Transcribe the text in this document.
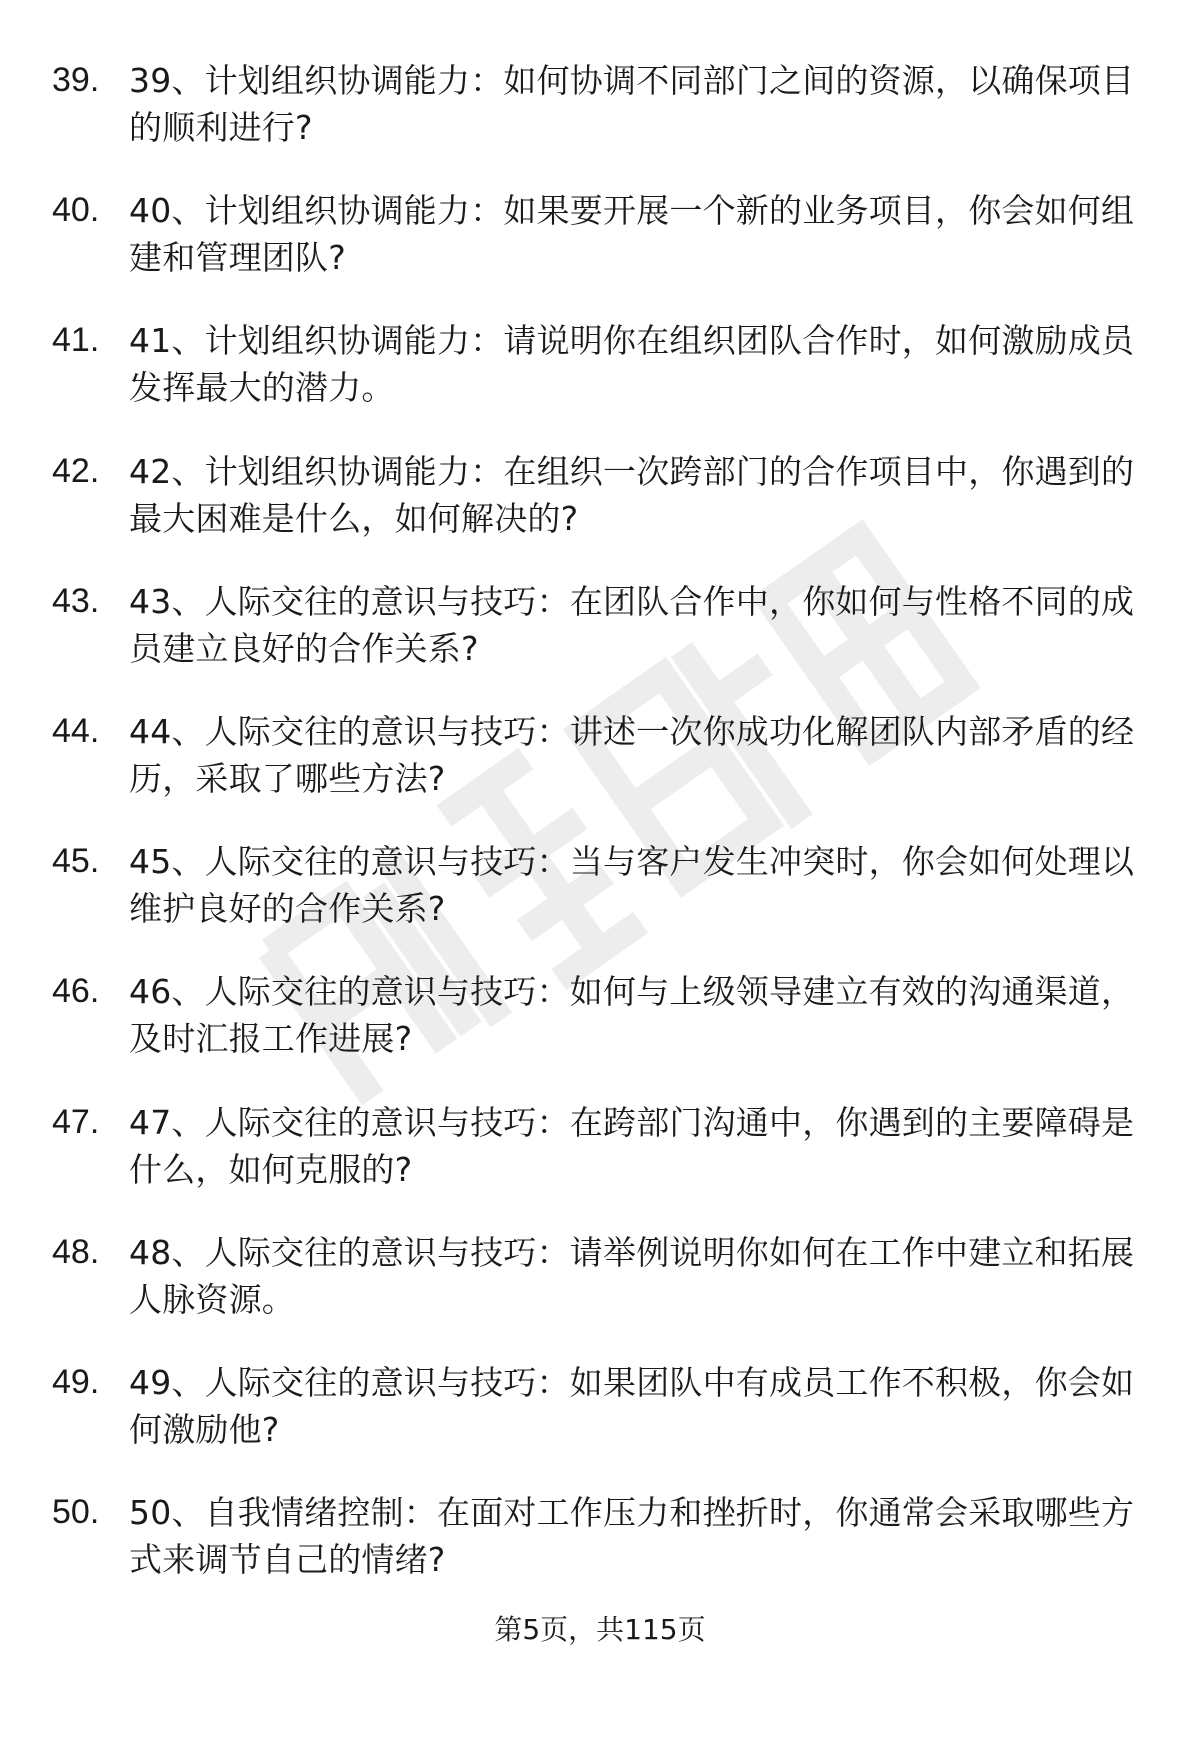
39. 39、计划组织协调能力：如何协调不同部门之间的资源，以确保项目的顺利进行?
40. 40、计划组织协调能力：如果要开展一个新的业务项目，你会如何组建和管理团队?
41. 41、计划组织协调能力：请说明你在组织团队合作时，如何激励成员发挥最大的潜力。
42. 42、计划组织协调能力：在组织一次跨部门的合作项目中，你遇到的最大困难是什么，如何解决的?
43. 43、人际交往的意识与技巧：在团队合作中，你如何与性格不同的成员建立良好的合作关系?
44. 44、人际交往的意识与技巧：讲述一次你成功化解团队内部矛盾的经历，采取了哪些方法?
45. 45、人际交往的意识与技巧：当与客户发生冲突时，你会如何处理以维护良好的合作关系?
46. 46、人际交往的意识与技巧：如何与上级领导建立有效的沟通渠道，及时汇报工作进展?
47. 47、人际交往的意识与技巧：在跨部门沟通中，你遇到的主要障碍是什么，如何克服的?
48. 48、人际交往的意识与技巧：请举例说明你如何在工作中建立和拓展人脉资源。
49. 49、人际交往的意识与技巧：如果团队中有成员工作不积极，你会如何激励他?
50. 50、自我情绪控制：在面对工作压力和挫折时，你通常会采取哪些方式来调节自己的情绪?
第5页，共115页
